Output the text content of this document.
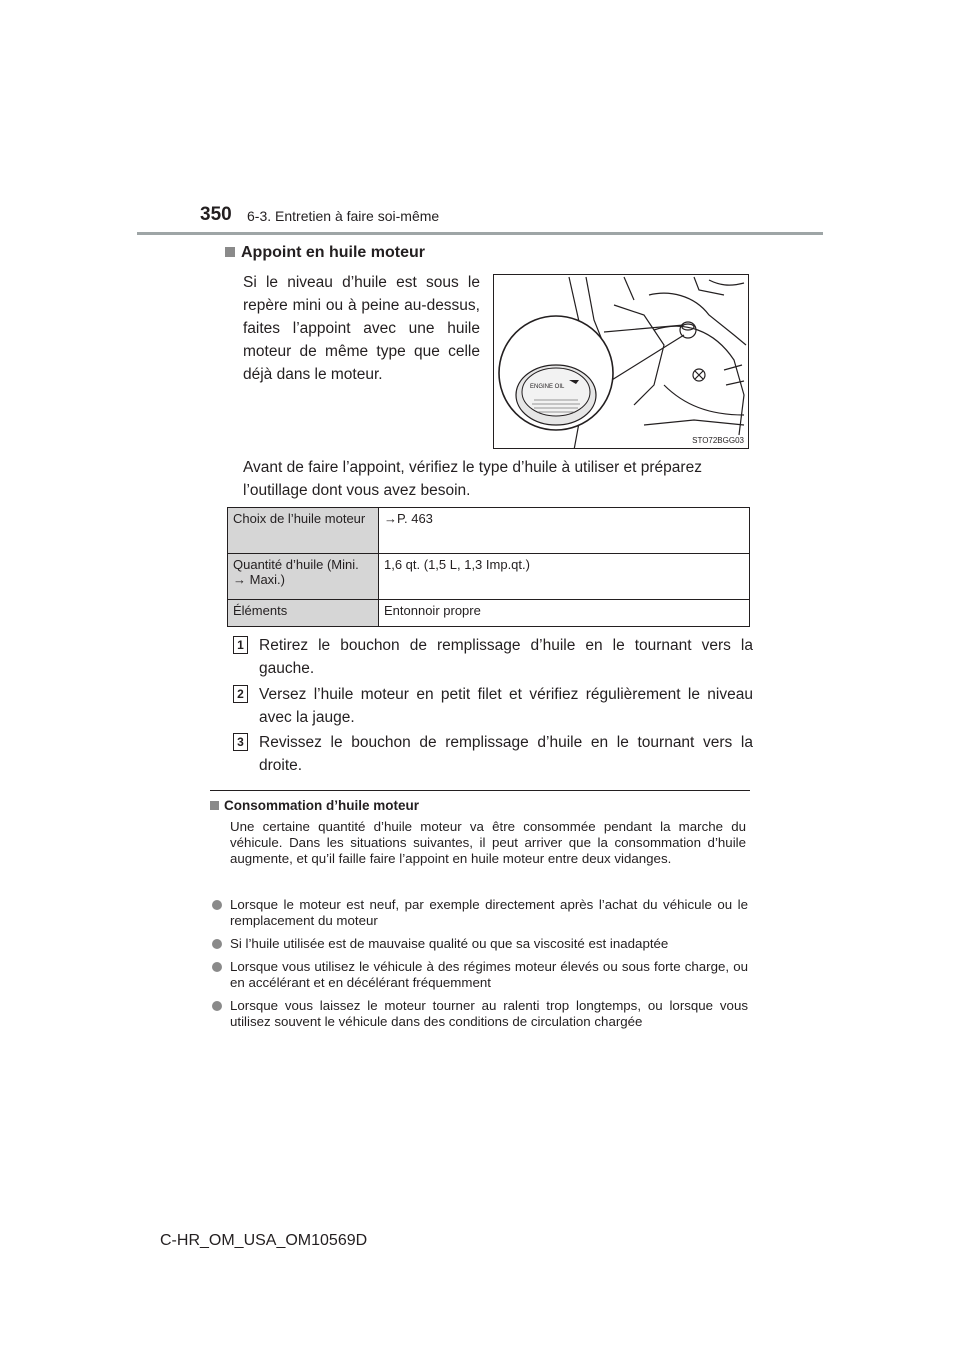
350 6-3. Entretien à faire soi-même
Appoint en huile moteur
Si le niveau d’huile est sous le repère mini ou à peine au-dessus, faites l’appoint avec une huile moteur de même type que celle déjà dans le moteur.
ENGINE OIL
STO72BGG03
Avant de faire l’appoint, vérifiez le type d’huile à utiliser et préparez l’outillage dont vous avez besoin.
Choix de l’huile moteur	→P. 463
Quantité d’huile (Mini. → Maxi.)	1,6 qt. (1,5 L, 1,3 Imp.qt.)
Éléments	Entonnoir propre
1 Retirez le bouchon de remplissage d’huile en le tournant vers la gauche.
2 Versez l’huile moteur en petit filet et vérifiez régulièrement le niveau avec la jauge.
3 Revissez le bouchon de remplissage d’huile en le tournant vers la droite.
Consommation d’huile moteur
Une certaine quantité d’huile moteur va être consommée pendant la marche du véhicule. Dans les situations suivantes, il peut arriver que la consommation d’huile augmente, et qu’il faille faire l’appoint en huile moteur entre deux vidanges.
Lorsque le moteur est neuf, par exemple directement après l’achat du véhicule ou le remplacement du moteur
Si l’huile utilisée est de mauvaise qualité ou que sa viscosité est inadaptée
Lorsque vous utilisez le véhicule à des régimes moteur élevés ou sous forte charge, ou en accélérant et en décélérant fréquemment
Lorsque vous laissez le moteur tourner au ralenti trop longtemps, ou lorsque vous utilisez souvent le véhicule dans des conditions de circulation chargée
C-HR_OM_USA_OM10569D
